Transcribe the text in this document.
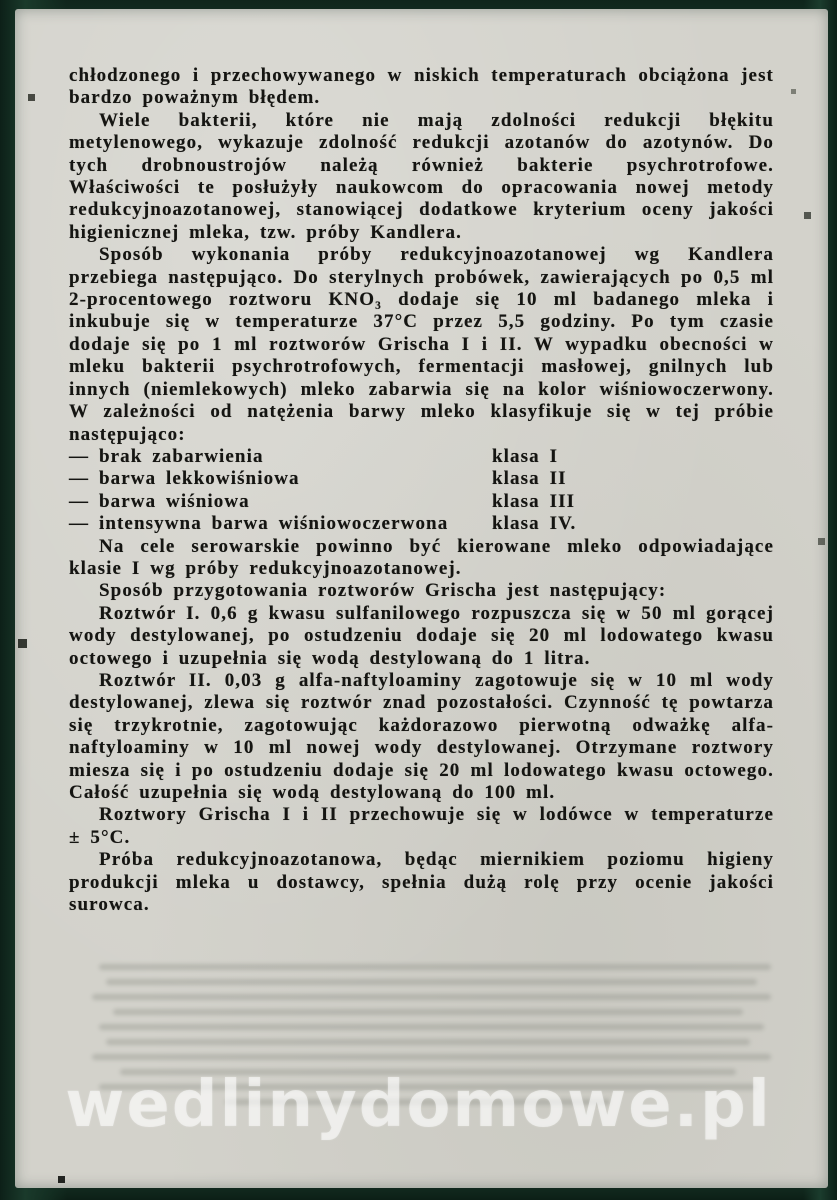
chłodzonego i przechowywanego w niskich temperaturach obciążona jest bardzo poważnym błędem.

Wiele bakterii, które nie mają zdolności redukcji błękitu metylenowego, wykazuje zdolność redukcji azotanów do azotynów. Do tych drobnoustrojów należą również bakterie psychrotrofowe. Właściwości te posłużyły naukowcom do opracowania nowej metody redukcyjnoazotanowej, stanowiącej dodatkowe kryterium oceny jakości higienicznej mleka, tzw. próby Kandlera.

Sposób wykonania próby redukcyjnoazotanowej wg Kandlera przebiega następująco. Do sterylnych probówek, zawierających po 0,5 ml 2-procentowego roztworu KNO₃ dodaje się 10 ml badanego mleka i inkubuje się w temperaturze 37°C przez 5,5 godziny. Po tym czasie dodaje się po 1 ml roztworów Grischa I i II. W wypadku obecności w mleku bakterii psychrotrofowych, fermentacji masłowej, gnilnych lub innych (niemlekowych) mleko zabarwia się na kolor wiśniowoczerwony. W zależności od natężenia barwy mleko klasyfikuje się w tej próbie następująco:

— brak zabarwienia	klasa I
— barwa lekkowiśniowa	klasa II
— barwa wiśniowa	klasa III
— intensywna barwa wiśniowoczerwona klasa IV.

Na cele serowarskie powinno być kierowane mleko odpowiadające klasie I wg próby redukcyjnoazotanowej.

Sposób przygotowania roztworów Grischa jest następujący:

Roztwór I. 0,6 g kwasu sulfanilowego rozpuszcza się w 50 ml gorącej wody destylowanej, po ostudzeniu dodaje się 20 ml lodowatego kwasu octowego i uzupełnia się wodą destylowaną do 1 litra.

Roztwór II. 0,03 g alfa-naftyloaminy zagotowuje się w 10 ml wody destylowanej, zlewa się roztwór znad pozostałości. Czynność tę powtarza się trzykrotnie, zagotowując każdorazowo pierwotną odważkę alfa-naftyloaminy w 10 ml nowej wody destylowanej. Otrzymane roztwory miesza się i po ostudzeniu dodaje się 20 ml lodowatego kwasu octowego. Całość uzupełnia się wodą destylowaną do 100 ml.

Roztwory Grischa I i II przechowuje się w lodówce w temperaturze ± 5°C.

Próba redukcyjnoazotanowa, będąc miernikiem poziomu higieny produkcji mleka u dostawcy, spełnia dużą rolę przy ocenie jakości surowca.

wedlinydomowe.pl
